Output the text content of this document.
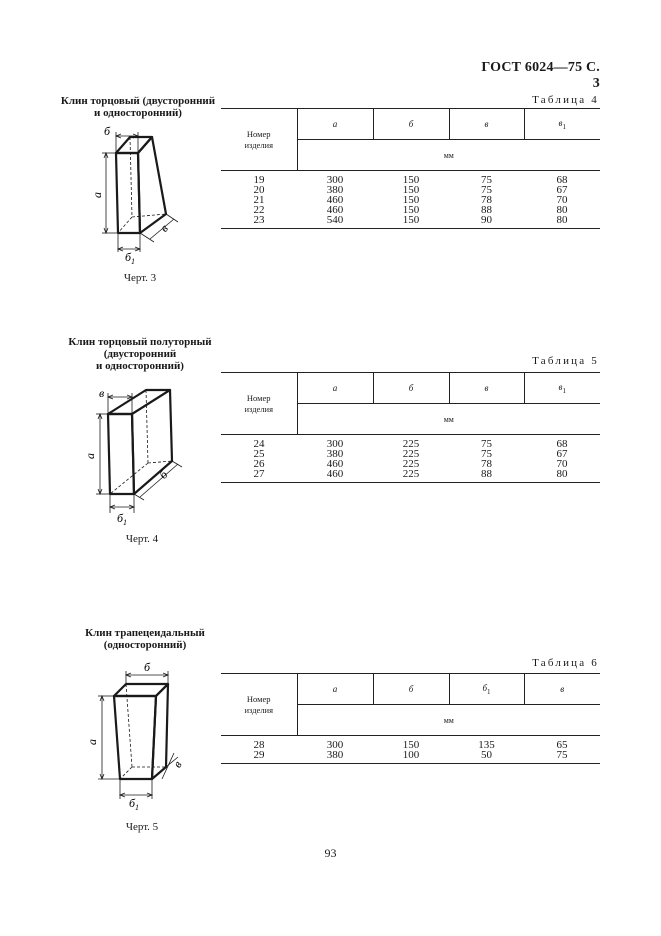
ГОСТ 6024—75 С. 3
Клин торцовый (двусторонний
и односторонний)
а
б
$б_1$
в
Черт. 3
Таблица 4
Номер
изделия	а	б	в	$в_1$
	мм			
19	300	150	75	68
20	380	150	75	67
21	460	150	78	70
22	460	150	88	80
23	540	150	90	80
Клин торцовый полуторный
(двусторонний
и односторонний)
а
в
$б_1$
б
Черт. 4
Таблица 5
Номер
изделия	а	б	в	$в_1$
	мм			
24	300	225	75	68
25	380	225	75	67
26	460	225	78	70
27	460	225	88	80
Клин трапецеидальный
(односторонний)
а
б
$б_1$
в
Черт. 5
Таблица 6
Номер
изделия	а	б	$б_1$	в
	мм			
28	300	150	135	65
29	380	100	50	75
93
